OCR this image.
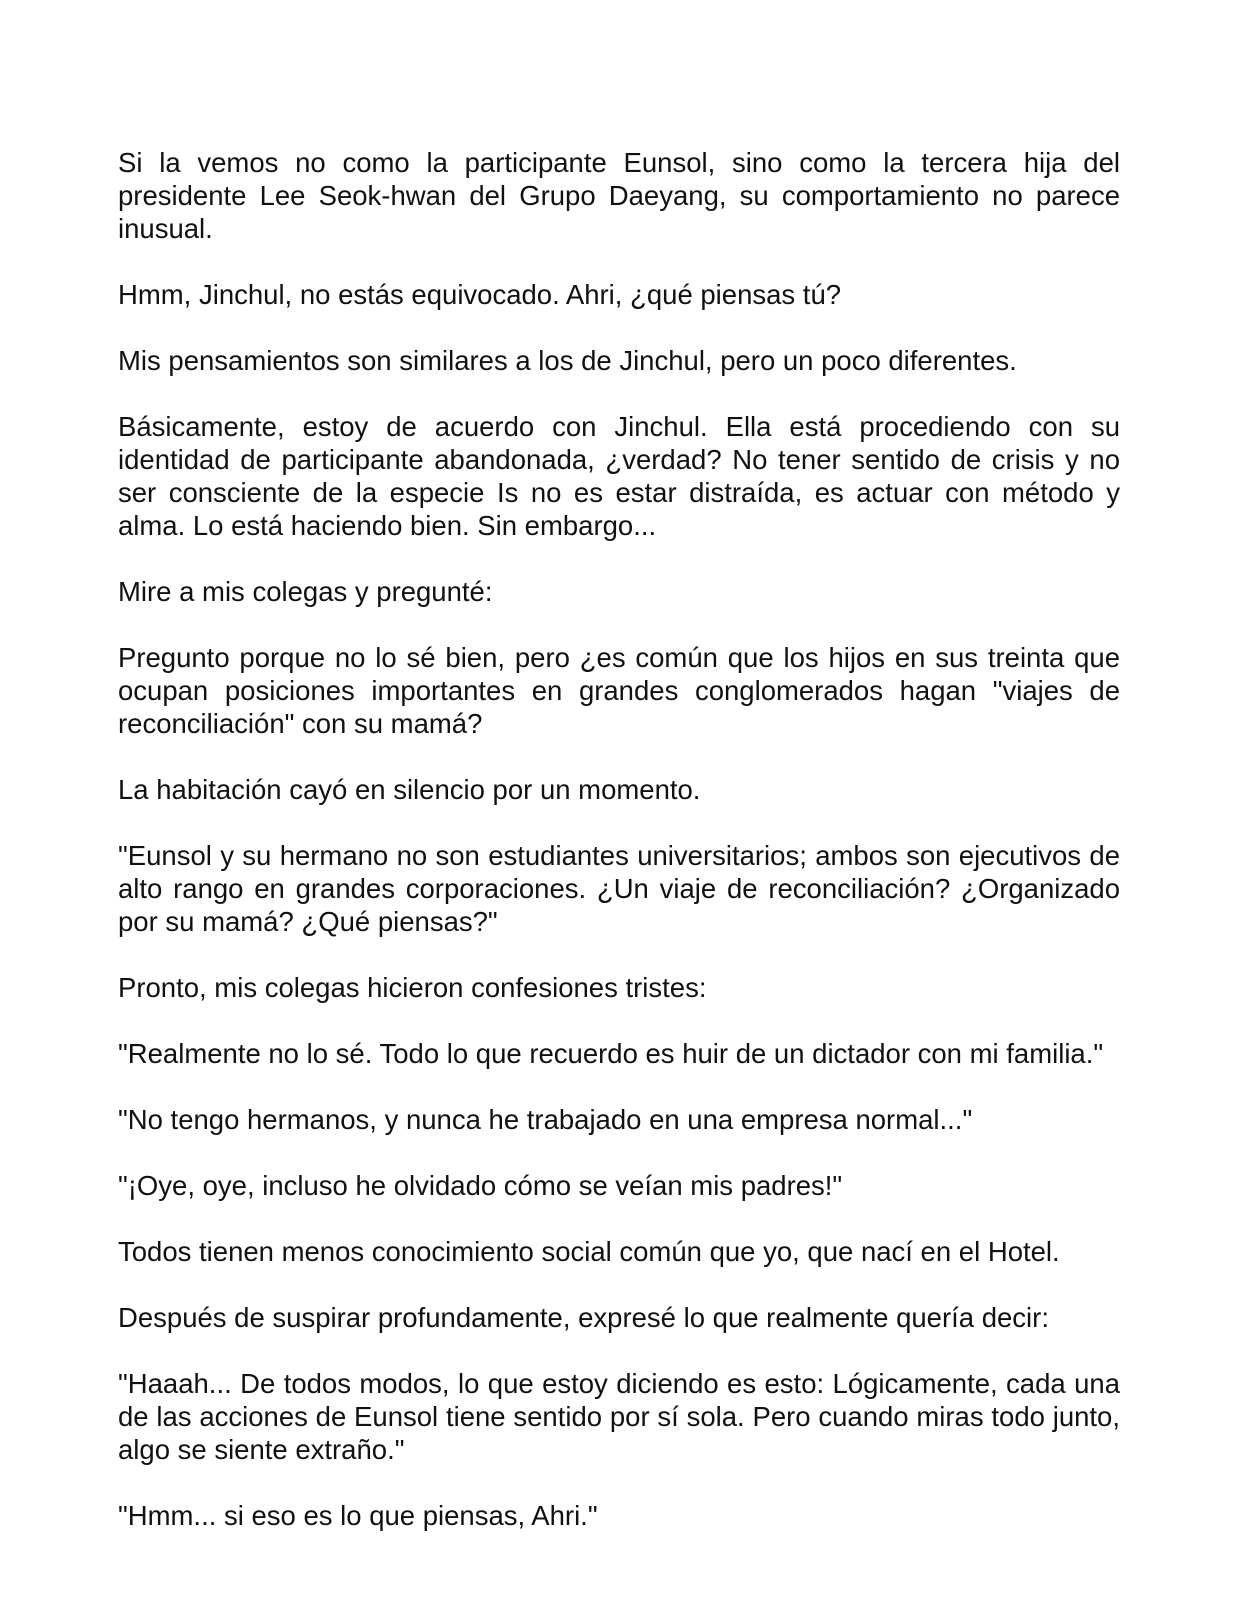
Si la vemos no como la participante Eunsol, sino como la tercera hija del presidente Lee Seok-hwan del Grupo Daeyang, su comportamiento no parece inusual.

Hmm, Jinchul, no estás equivocado. Ahri, ¿qué piensas tú?

Mis pensamientos son similares a los de Jinchul, pero un poco diferentes.

Básicamente, estoy de acuerdo con Jinchul. Ella está procediendo con su identidad de participante abandonada, ¿verdad? No tener sentido de crisis y no ser consciente de la especie Is no es estar distraída, es actuar con método y alma. Lo está haciendo bien. Sin embargo...

Mire a mis colegas y pregunté:

Pregunto porque no lo sé bien, pero ¿es común que los hijos en sus treinta que ocupan posiciones importantes en grandes conglomerados hagan "viajes de reconciliación" con su mamá?

La habitación cayó en silencio por un momento.

"Eunsol y su hermano no son estudiantes universitarios; ambos son ejecutivos de alto rango en grandes corporaciones. ¿Un viaje de reconciliación? ¿Organizado por su mamá? ¿Qué piensas?"

Pronto, mis colegas hicieron confesiones tristes:

"Realmente no lo sé. Todo lo que recuerdo es huir de un dictador con mi familia."

"No tengo hermanos, y nunca he trabajado en una empresa normal..."

"¡Oye, oye, incluso he olvidado cómo se veían mis padres!"

Todos tienen menos conocimiento social común que yo, que nací en el Hotel.

Después de suspirar profundamente, expresé lo que realmente quería decir:

"Haaah... De todos modos, lo que estoy diciendo es esto: Lógicamente, cada una de las acciones de Eunsol tiene sentido por sí sola. Pero cuando miras todo junto, algo se siente extraño."

"Hmm... si eso es lo que piensas, Ahri."
